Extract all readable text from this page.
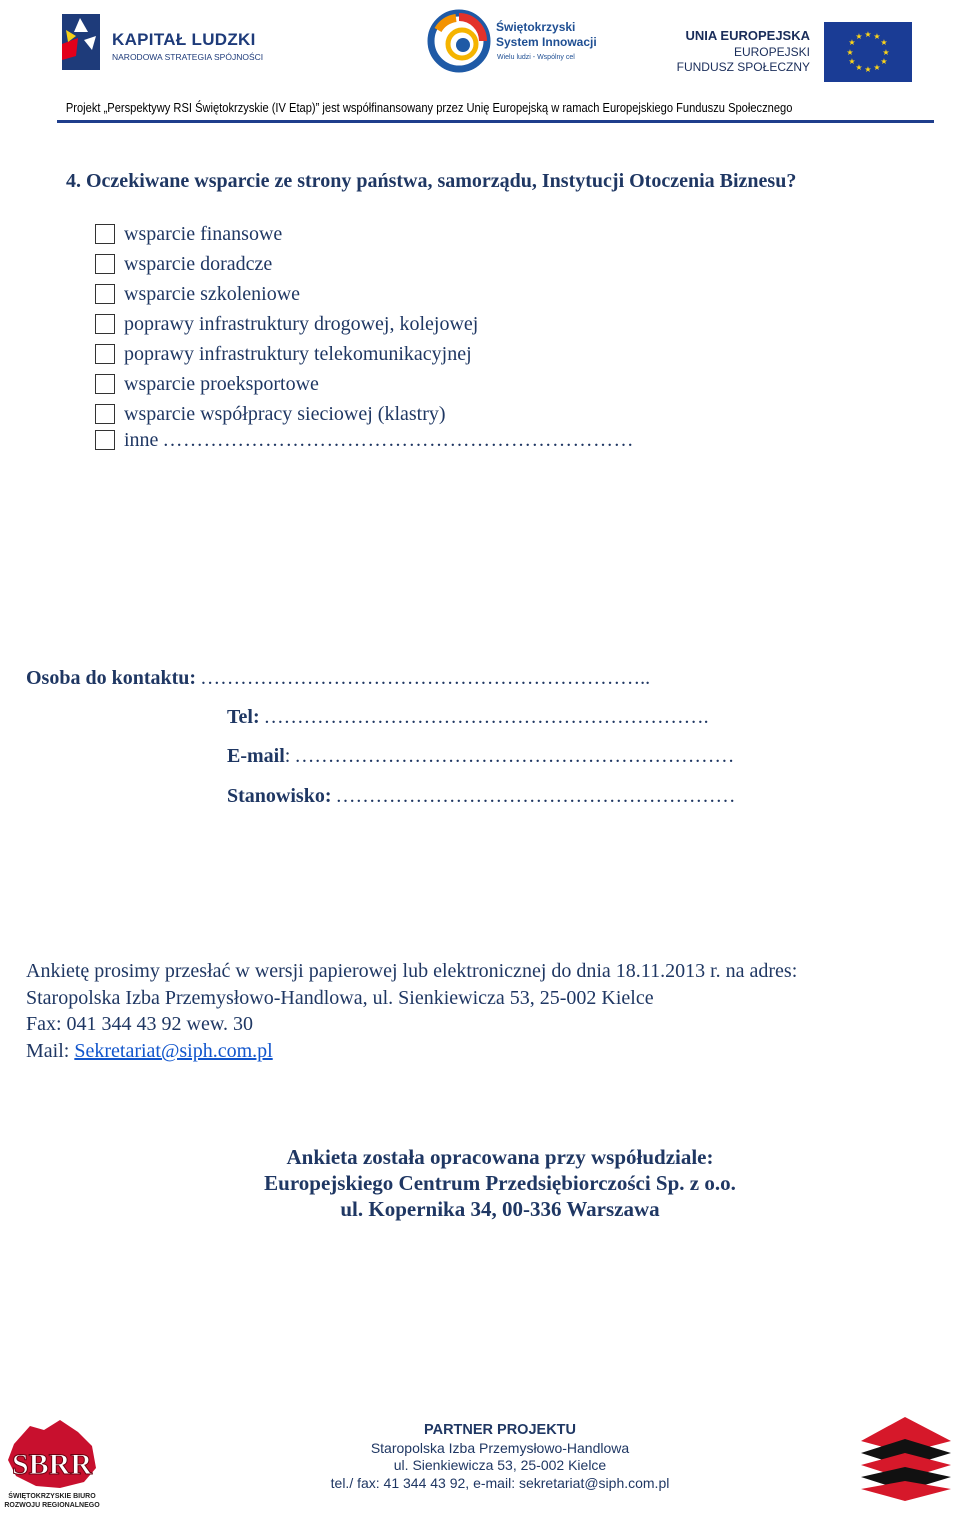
KAPITAŁ LUDZKI
NARODOWA STRATEGIA SPÓJNOŚCI
Świętokrzyski
System Innowacji
Wielu ludzi - Wspólny cel
UNIA EUROPEJSKA
EUROPEJSKI
FUNDUSZ SPOŁECZNY
★ ★
★
★
★
★
★
★
★
★
★
★
Projekt „Perspektywy RSI Świętokrzyskie (IV Etap)” jest współfinansowany przez Unię Europejską w ramach Europejskiego Funduszu Społecznego
4. Oczekiwane wsparcie ze strony państwa, samorządu, Instytucji Otoczenia Biznesu?
wsparcie finansowe
wsparcie doradcze
wsparcie szkoleniowe
poprawy infrastruktury drogowej, kolejowej
poprawy infrastruktury telekomunikacyjnej
wsparcie proeksportowe
wsparcie współpracy sieciowej (klastry)
inne ……………………………………………………………
Osoba do kontaktu: …………………………………………………………..
Tel: ………………………………………………………….
E-mail: …………………………………………………………
Stanowisko: ……………………………………………………
Ankietę prosimy przesłać w wersji papierowej lub elektronicznej do dnia 18.11.2013 r. na adres:
Staropolska Izba Przemysłowo-Handlowa, ul. Sienkiewicza 53, 25-002 Kielce
Fax: 041 344 43 92 wew. 30
Mail: Sekretariat@siph.com.pl
Ankieta została opracowana przy współudziale:
Europejskiego Centrum Przedsiębiorczości Sp. z o.o.
ul. Kopernika 34, 00-336 Warszawa
SBRR
ŚWIĘTOKRZYSKIE BIURO
ROZWOJU REGIONALNEGO
PARTNER PROJEKTU
Staropolska Izba Przemysłowo-Handlowa
ul. Sienkiewicza 53, 25-002 Kielce
tel./ fax: 41 344 43 92, e-mail: sekretariat@siph.com.pl
